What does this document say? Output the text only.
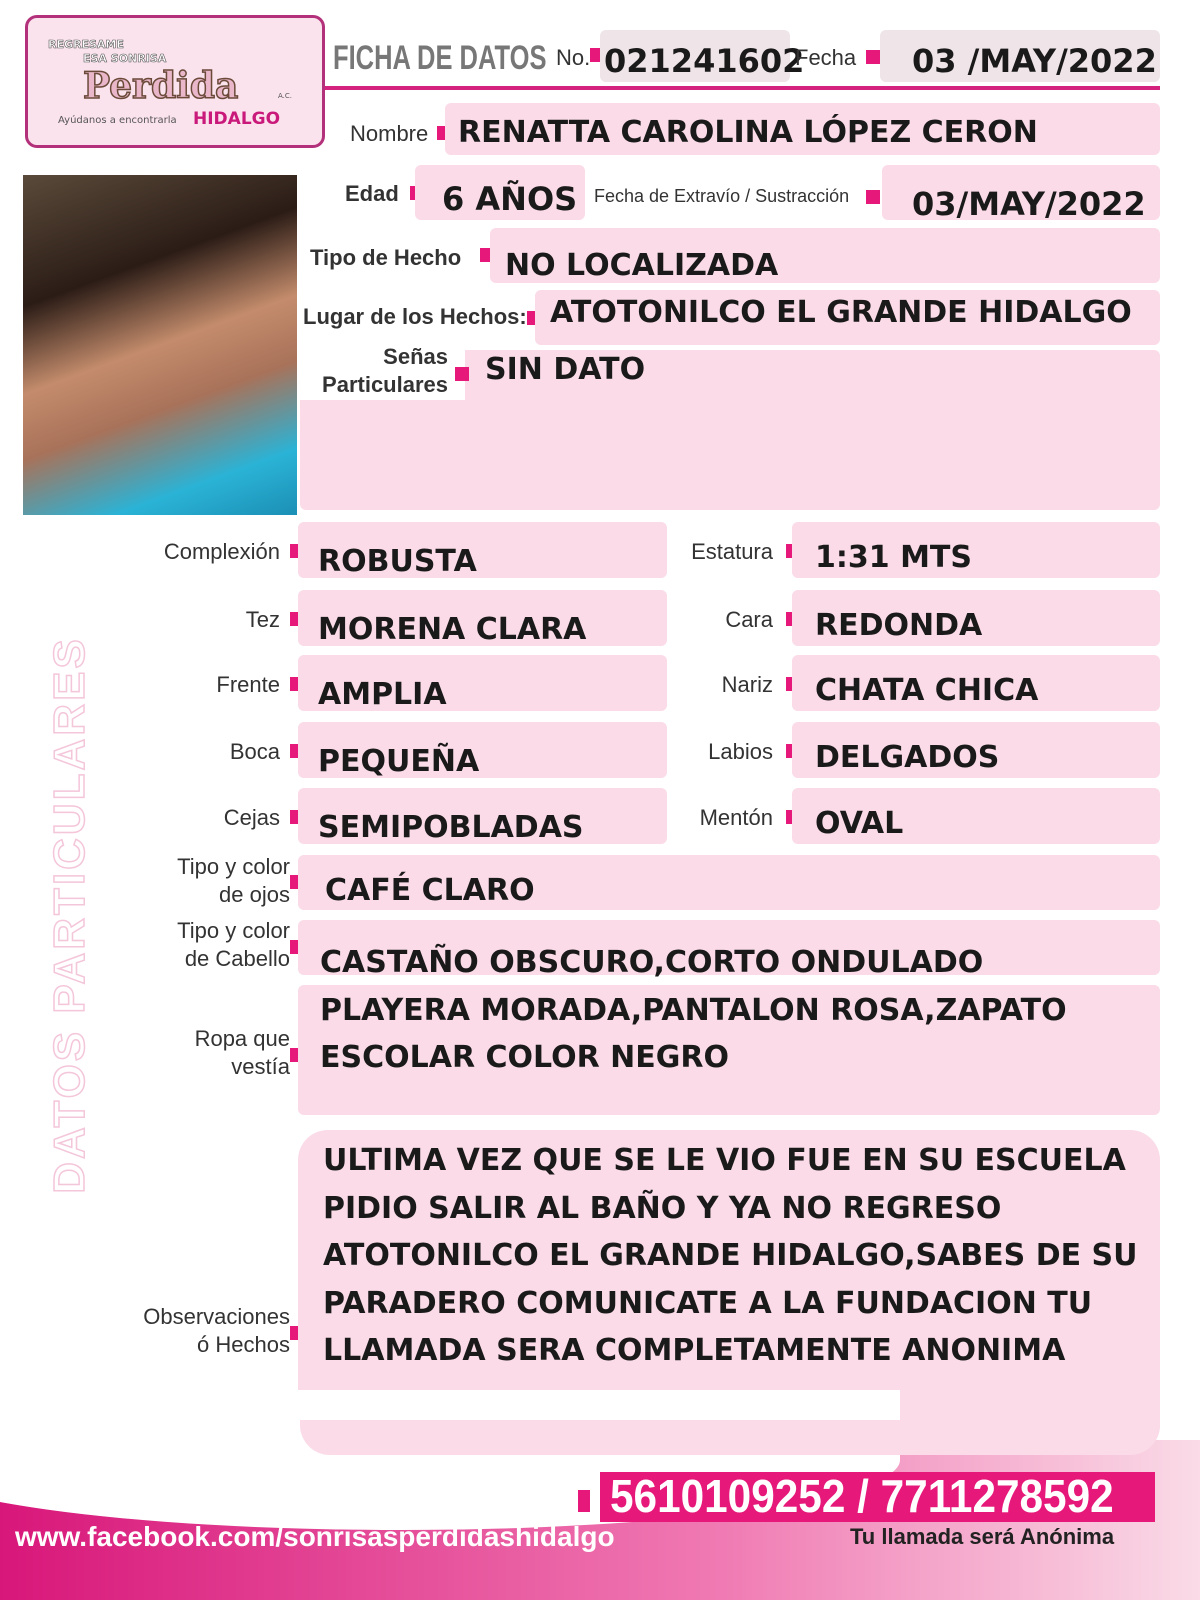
REGRESAME
ESA SONRISA
Perdida	A.C.
Ayúdanos a encontrarla HIDALGO
FICHA DE DATOS No. 021241602
Fecha 03 /MAY/2022
Nombre RENATTA CAROLINA LÓPEZ CERON
Edad 6 AÑOS Fecha de Extravío / Sustracción 03/MAY/2022
Tipo de Hecho NO LOCALIZADA
Lugar de los Hechos: ATOTONILCO EL GRANDE HIDALGO
Señas
Particulares SIN DATO
DATOS PARTICULARES
Complexión ROBUSTA	Estatura 1:31 MTS
Tez MORENA CLARA	Cara REDONDA
Frente AMPLIA	Nariz CHATA CHICA
Boca PEQUEÑA	Labios DELGADOS
Cejas SEMIPOBLADAS	Mentón OVAL
Tipo y color
de ojos CAFÉ CLARO
Tipo y color
de Cabello CASTAÑO OBSCURO,CORTO ONDULADO
Ropa que
vestía
PLAYERA MORADA,PANTALON ROSA,ZAPATO
ESCOLAR COLOR NEGRO
Observaciones
ó Hechos
ULTIMA VEZ QUE SE LE VIO FUE EN SU ESCUELA
PIDIO SALIR AL BAÑO Y YA NO REGRESO
ATOTONILCO EL GRANDE HIDALGO,SABES DE SU
PARADERO COMUNICATE A LA FUNDACION TU
LLAMADA SERA COMPLETAMENTE ANONIMA
5610109252 / 7711278592
Tu llamada será Anónima
www.facebook.com/sonrisasperdidashidalgo
